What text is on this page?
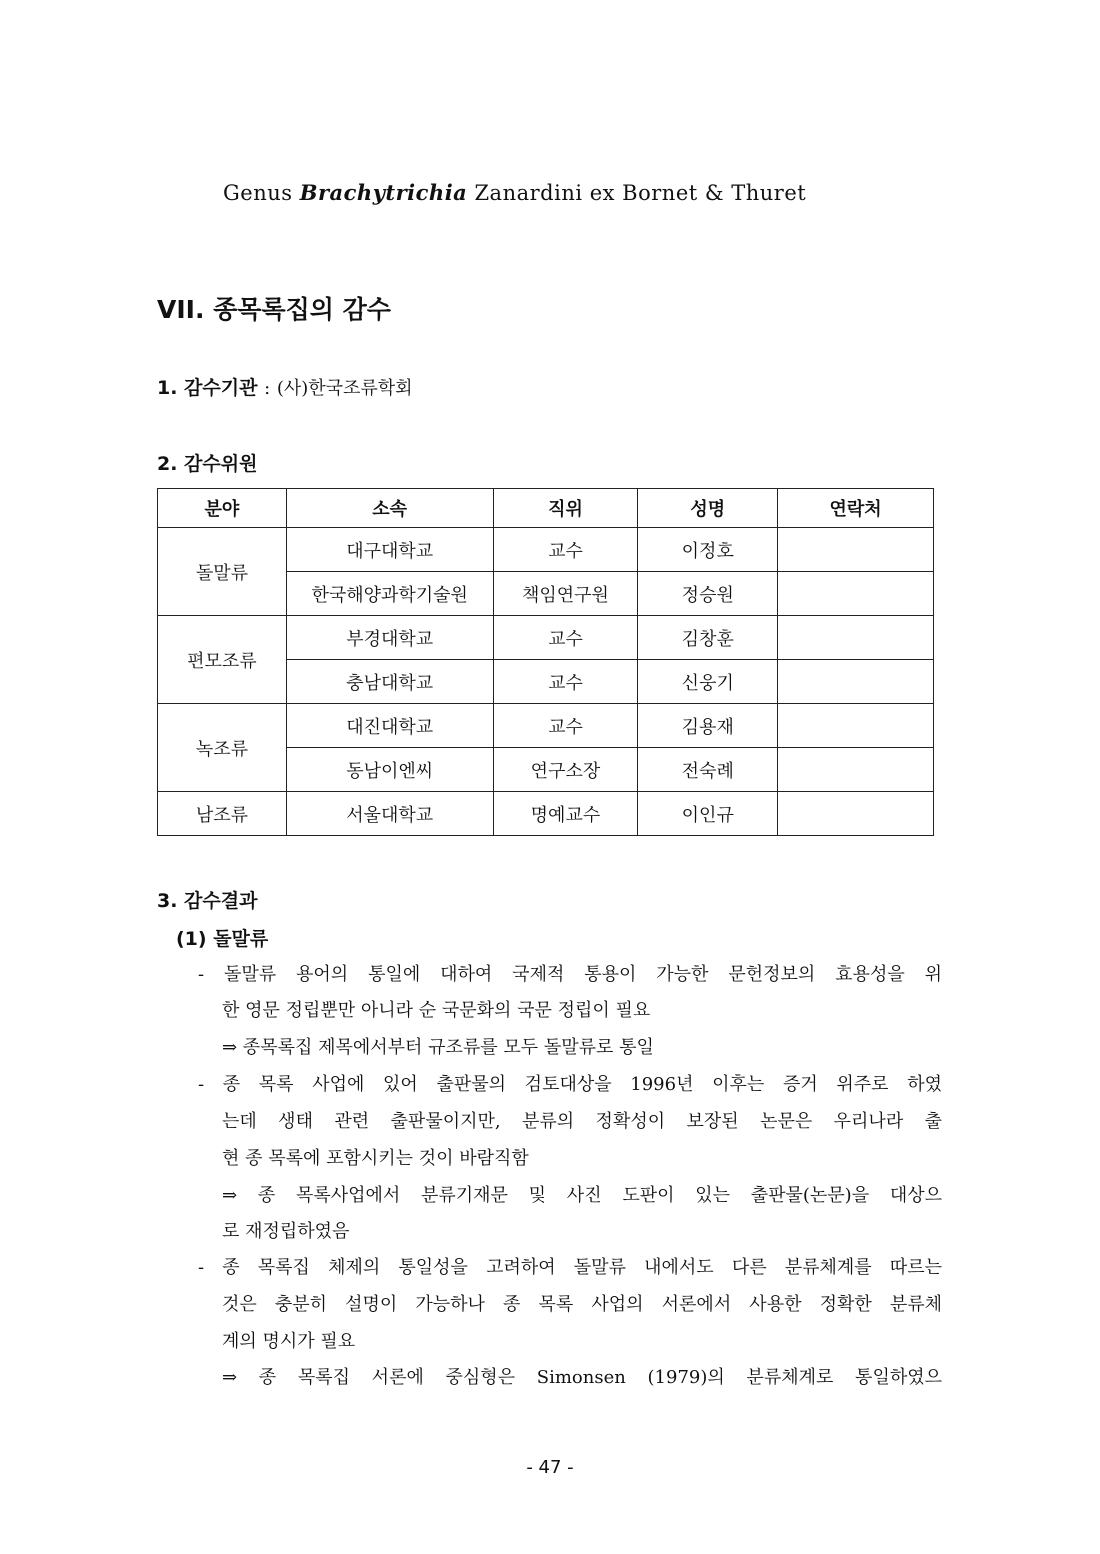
Genus Brachytrichia Zanardini ex Bornet & Thuret
VII. 종목록집의 감수
1. 감수기관 : (사)한국조류학회
2. 감수위원
분야	소속	직위	성명	연락처
돌말류	대구대학교	교수	이정호	
	한국해양과학기술원	책임연구원	정승원	
편모조류	부경대학교	교수	김창훈	
	충남대학교	교수	신웅기	
녹조류	대진대학교	교수	김용재	
	동남이엔씨	연구소장	전숙례	
남조류	서울대학교	명예교수	이인규	
3. 감수결과
(1) 돌말류
- 돌말류 용어의 통일에 대하여 국제적 통용이 가능한 문헌정보의 효용성을 위
한 영문 정립뿐만 아니라 순 국문화의 국문 정립이 필요
⇒ 종목록집 제목에서부터 규조류를 모두 돌말류로 통일
- 종 목록 사업에 있어 출판물의 검토대상을 1996년 이후는 증거 위주로 하였
는데 생태 관련 출판물이지만, 분류의 정확성이 보장된 논문은 우리나라 출
현 종 목록에 포함시키는 것이 바람직함
⇒ 종 목록사업에서 분류기재문 및 사진 도판이 있는 출판물(논문)을 대상으
로 재정립하였음
- 종 목록집 체제의 통일성을 고려하여 돌말류 내에서도 다른 분류체계를 따르는
것은 충분히 설명이 가능하나 종 목록 사업의 서론에서 사용한 정확한 분류체
계의 명시가 필요
⇒ 종 목록집 서론에 중심형은 Simonsen (1979)의 분류체계로 통일하였으
- 47 -
